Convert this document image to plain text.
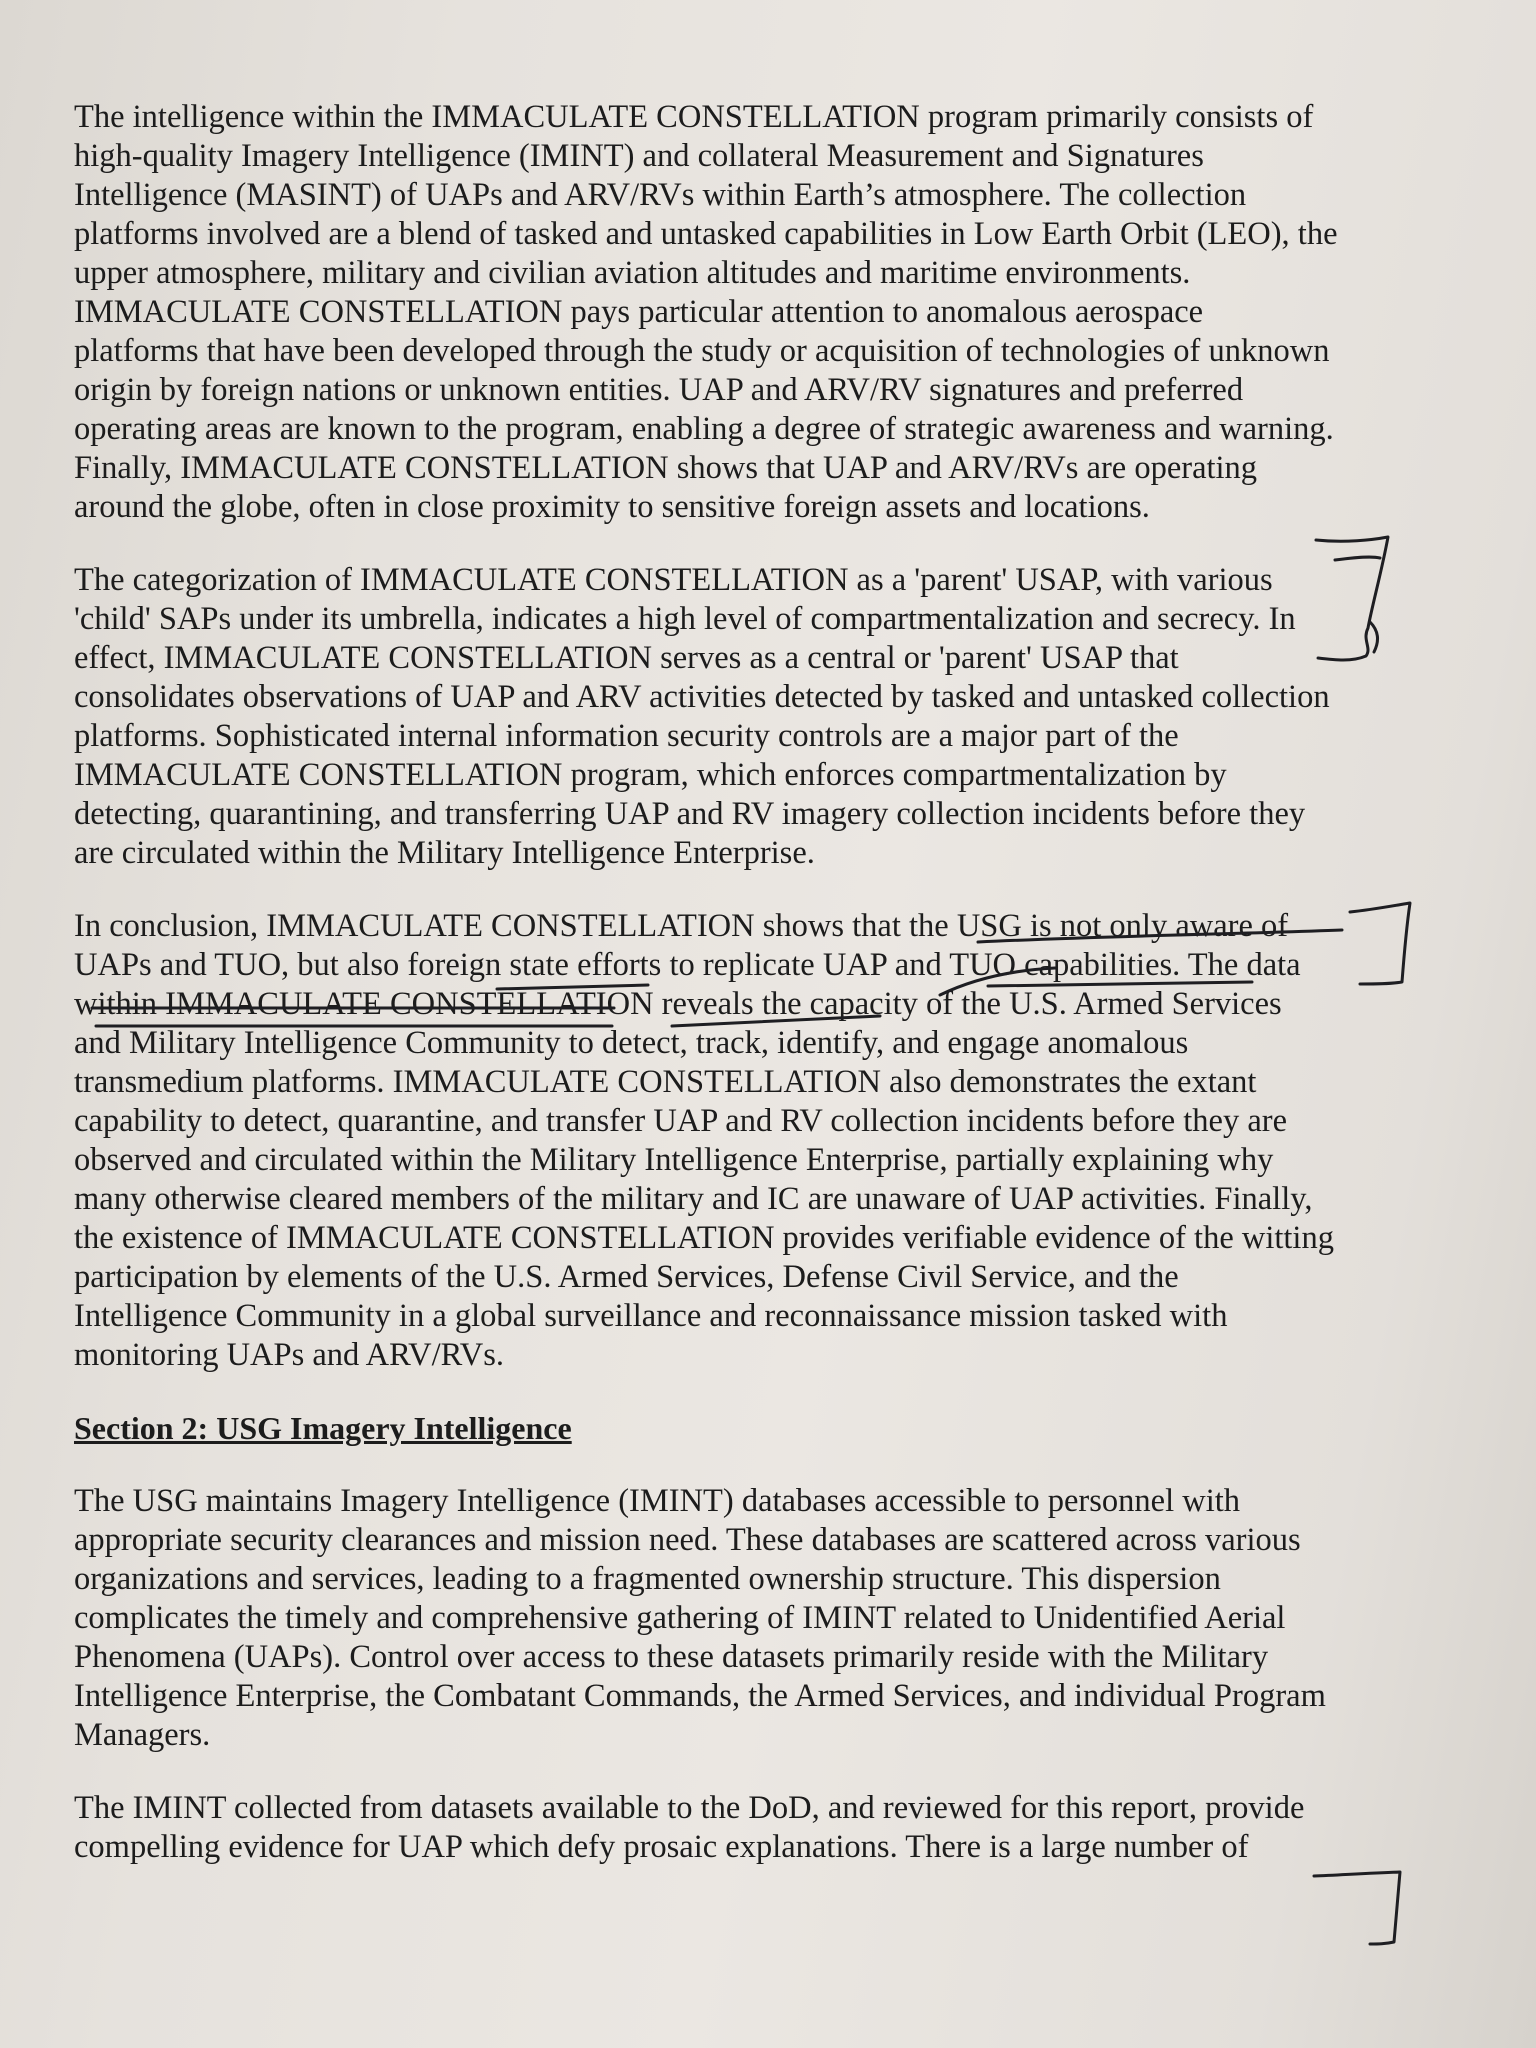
The intelligence within the IMMACULATE CONSTELLATION program primarily consists of
high-quality Imagery Intelligence (IMINT) and collateral Measurement and Signatures
Intelligence (MASINT) of UAPs and ARV/RVs within Earth’s atmosphere. The collection
platforms involved are a blend of tasked and untasked capabilities in Low Earth Orbit (LEO), the
upper atmosphere, military and civilian aviation altitudes and maritime environments.
IMMACULATE CONSTELLATION pays particular attention to anomalous aerospace
platforms that have been developed through the study or acquisition of technologies of unknown
origin by foreign nations or unknown entities. UAP and ARV/RV signatures and preferred
operating areas are known to the program, enabling a degree of strategic awareness and warning.
Finally, IMMACULATE CONSTELLATION shows that UAP and ARV/RVs are operating
around the globe, often in close proximity to sensitive foreign assets and locations.

The categorization of IMMACULATE CONSTELLATION as a 'parent' USAP, with various
'child' SAPs under its umbrella, indicates a high level of compartmentalization and secrecy. In
effect, IMMACULATE CONSTELLATION serves as a central or 'parent' USAP that
consolidates observations of UAP and ARV activities detected by tasked and untasked collection
platforms. Sophisticated internal information security controls are a major part of the
IMMACULATE CONSTELLATION program, which enforces compartmentalization by
detecting, quarantining, and transferring UAP and RV imagery collection incidents before they
are circulated within the Military Intelligence Enterprise.

In conclusion, IMMACULATE CONSTELLATION shows that the USG is not only aware of
UAPs and TUO, but also foreign state efforts to replicate UAP and TUO capabilities. The data
within IMMACULATE CONSTELLATION reveals the capacity of the U.S. Armed Services
and Military Intelligence Community to detect, track, identify, and engage anomalous
transmedium platforms. IMMACULATE CONSTELLATION also demonstrates the extant
capability to detect, quarantine, and transfer UAP and RV collection incidents before they are
observed and circulated within the Military Intelligence Enterprise, partially explaining why
many otherwise cleared members of the military and IC are unaware of UAP activities. Finally,
the existence of IMMACULATE CONSTELLATION provides verifiable evidence of the witting
participation by elements of the U.S. Armed Services, Defense Civil Service, and the
Intelligence Community in a global surveillance and reconnaissance mission tasked with
monitoring UAPs and ARV/RVs.

Section 2: USG Imagery Intelligence

The USG maintains Imagery Intelligence (IMINT) databases accessible to personnel with
appropriate security clearances and mission need. These databases are scattered across various
organizations and services, leading to a fragmented ownership structure. This dispersion
complicates the timely and comprehensive gathering of IMINT related to Unidentified Aerial
Phenomena (UAPs). Control over access to these datasets primarily reside with the Military
Intelligence Enterprise, the Combatant Commands, the Armed Services, and individual Program
Managers.

The IMINT collected from datasets available to the DoD, and reviewed for this report, provide
compelling evidence for UAP which defy prosaic explanations. There is a large number of
